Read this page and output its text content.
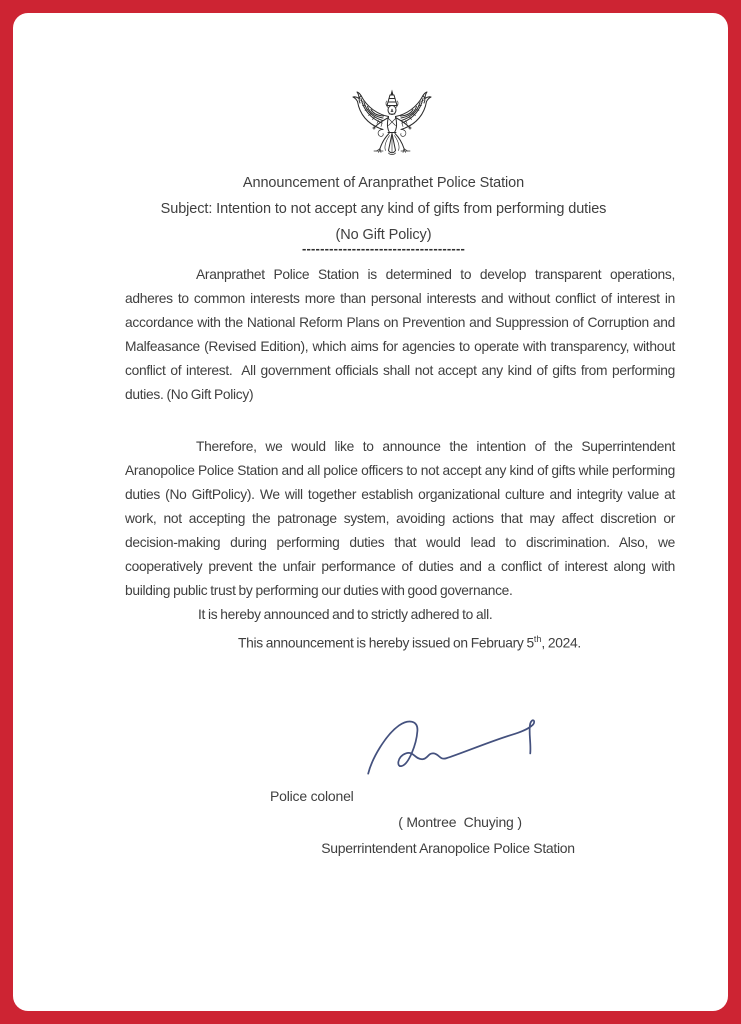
Announcement of Aranprathet Police Station
Subject: Intention to not accept any kind of gifts from performing duties
(No Gift Policy)
------------------------------------

Aranprathet Police Station is determined to develop transparent operations, adheres to common interests more than personal interests and without conflict of interest in accordance with the National Reform Plans on Prevention and Suppression of Corruption and Malfeasance (Revised Edition), which aims for agencies to operate with transparency, without conflict of interest.  All government officials shall not accept any kind of gifts from performing duties. (No Gift Policy)

Therefore, we would like to announce the intention of the Superrintendent Aranopolice Police Station and all police officers to not accept any kind of gifts while performing duties (No GiftPolicy). We will together establish organizational culture and integrity value at work, not accepting the patronage system, avoiding actions that may affect discretion or decision-making during performing duties that would lead to discrimination. Also, we cooperatively prevent the unfair performance of duties and a conflict of interest along with building public trust by performing our duties with good governance.

It is hereby announced and to strictly adhered to all.

This announcement is hereby issued on February 5th, 2024.

Police colonel
( Montree  Chuying )
Superrintendent Aranopolice Police Station
